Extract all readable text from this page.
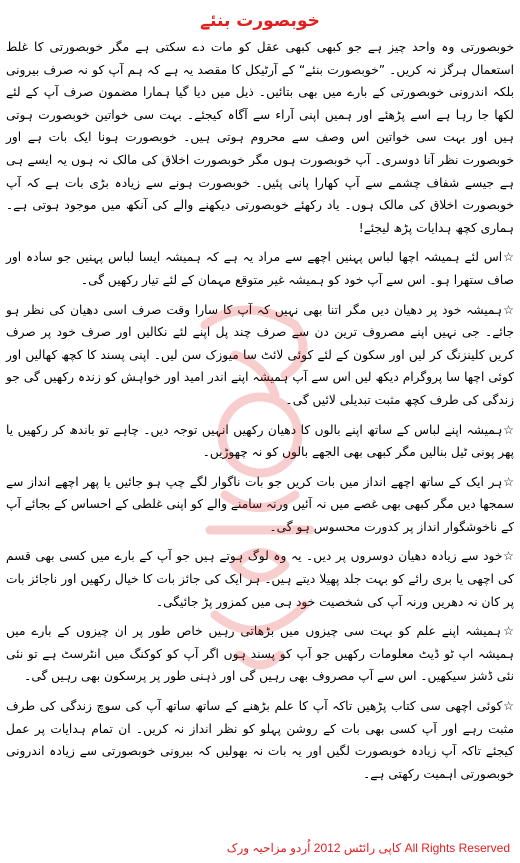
خوبصورت بنئے

خوبصورتی وہ واحد چیز ہے جو کبھی کبھی عقل کو مات دے سکتی ہے مگر خوبصورتی کا غلط استعمال ہرگز نہ کریں۔ ”خوبصورت بنئے“ کے آرٹیکل کا مقصد یہ ہے کہ ہم آپ کو نہ صرف بیرونی بلکہ اندرونی خوبصورتی کے بارے میں بھی بتائیں۔ ذیل میں دیا گیا ہمارا مضمون صرف آپ کے لئے لکھا جا رہا ہے اسے پڑھئے اور ہمیں اپنی آراء سے آگاہ کیجئے۔ بہت سی خواتین خوبصورت ہوتی ہیں اور بہت سی خواتین اس وصف سے محروم ہوتی ہیں۔ خوبصورت ہونا ایک بات ہے اور خوبصورت نظر آنا دوسری۔ آپ خوبصورت ہوں مگر خوبصورت اخلاق کی مالک نہ ہوں یہ ایسے ہی ہے جیسے شفاف چشمے سے آپ کھارا پانی پئیں۔ خوبصورت ہونے سے زیادہ بڑی بات ہے کہ آپ خوبصورت اخلاق کی مالک ہوں۔ یاد رکھئے خوبصورتی دیکھنے والے کی آنکھ میں موجود ہوتی ہے۔ ہماری کچھ ہدایات پڑھ لیجئے!

☆اس لئے ہمیشہ اچھا لباس پہنیں اچھے سے مراد یہ ہے کہ ہمیشہ ایسا لباس پہنیں جو سادہ اور صاف ستھرا ہو۔ اس سے آپ خود کو ہمیشہ غیر متوقع مہمان کے لئے تیار رکھیں گی۔

☆ہمیشہ خود پر دھیان دیں مگر اتنا بھی نہیں کہ آپ کا سارا وقت صرف اسی دھیان کی نظر ہو جائے۔ جی نہیں اپنے مصروف ترین دن سے صرف چند پل اپنے لئے نکالیں اور صرف خود پر صرف کریں کلینزنگ کر لیں اور سکون کے لئے کوئی لائٹ سا میوزک سن لیں۔ اپنی پسند کا کچھ کھالیں اور کوئی اچھا سا پروگرام دیکھ لیں اس سے آپ ہمیشہ اپنے اندر امید اور خواہش کو زندہ رکھیں گی جو زندگی کی طرف کچھ مثبت تبدیلی لائیں گی۔

☆ہمیشہ اپنے لباس کے ساتھ اپنے بالوں کا دھیان رکھیں انہیں توجہ دیں۔ چاہے تو باندھ کر رکھیں یا پھر پونی ٹیل بنالیں مگر کبھی بھی الجھے بالوں کو نہ چھوڑیں۔

☆ہر ایک کے ساتھ اچھے انداز میں بات کریں جو بات ناگوار لگے چپ ہو جائیں یا پھر اچھے انداز سے سمجھا دیں مگر کبھی بھی غصے میں نہ آئیں ورنہ سامنے والے کو اپنی غلطی کے احساس کے بجائے آپ کے ناخوشگوار انداز پر کدورت محسوس ہو گی۔

☆خود سے زیادہ دھیان دوسروں پر دیں۔ یہ وہ لوگ ہوتے ہیں جو آپ کے بارے میں کسی بھی قسم کی اچھی یا بری رائے کو بہت جلد پھیلا دیتے ہیں۔ ہر ایک کی جائز بات کا خیال رکھیں اور ناجائز بات پر کان نہ دھریں ورنہ آپ کی شخصیت خود ہی میں کمزور پڑ جائیگی۔

☆ہمیشہ اپنے علم کو بہت سی چیزوں میں بڑھاتی رہیں خاص طور پر ان چیزوں کے بارے میں ہمیشہ اپ ٹو ڈیٹ معلومات رکھیں جو آپ کو پسند ہوں اگر آپ کو کوکنگ میں انٹرسٹ ہے تو نئی نئی ڈشز سیکھیں۔ اس سے آپ مصروف بھی رہیں گی اور ذہنی طور پر پرسکون بھی رہیں گی۔

☆کوئی اچھی سی کتاب پڑھیں تاکہ آپ کا علم بڑھنے کے ساتھ ساتھ آپ کی سوچ زندگی کی طرف مثبت رہے اور آپ کسی بھی بات کے روشن پہلو کو نظر انداز نہ کریں۔ ان تمام ہدایات پر عمل کیجئے تاکہ آپ زیادہ خوبصورت لگیں اور یہ بات نہ بھولیں کہ بیرونی خوبصورتی سے زیادہ اندرونی خوبصورتی اہمیت رکھتی ہے۔

کاپی رائٹس 2012 اُردو مزاحیہ ورک All Rights Reserved
